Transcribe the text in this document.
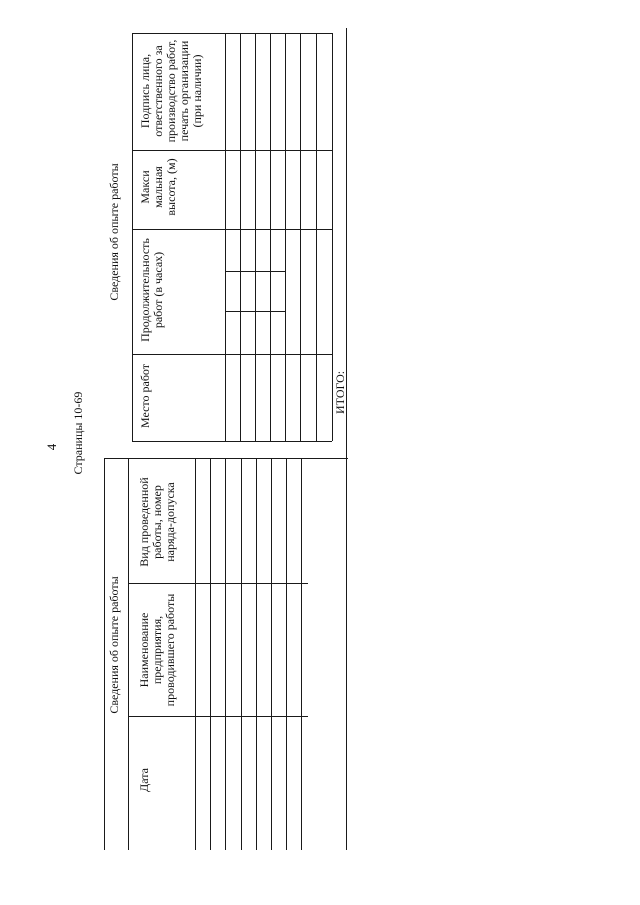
4 Страницы 10-69
Сведения об опыте работы
Дата
Наименование предприятия, проводившего работы
Вид проведенной работы, номер наряда-допуска
Сведения об опыте работы
Место работ
Продолжительность работ (в часах)
Макси мальная высота, (м)
Подпись лица, ответственного за производство работ, печать организации (при наличии)
ИТОГО:
